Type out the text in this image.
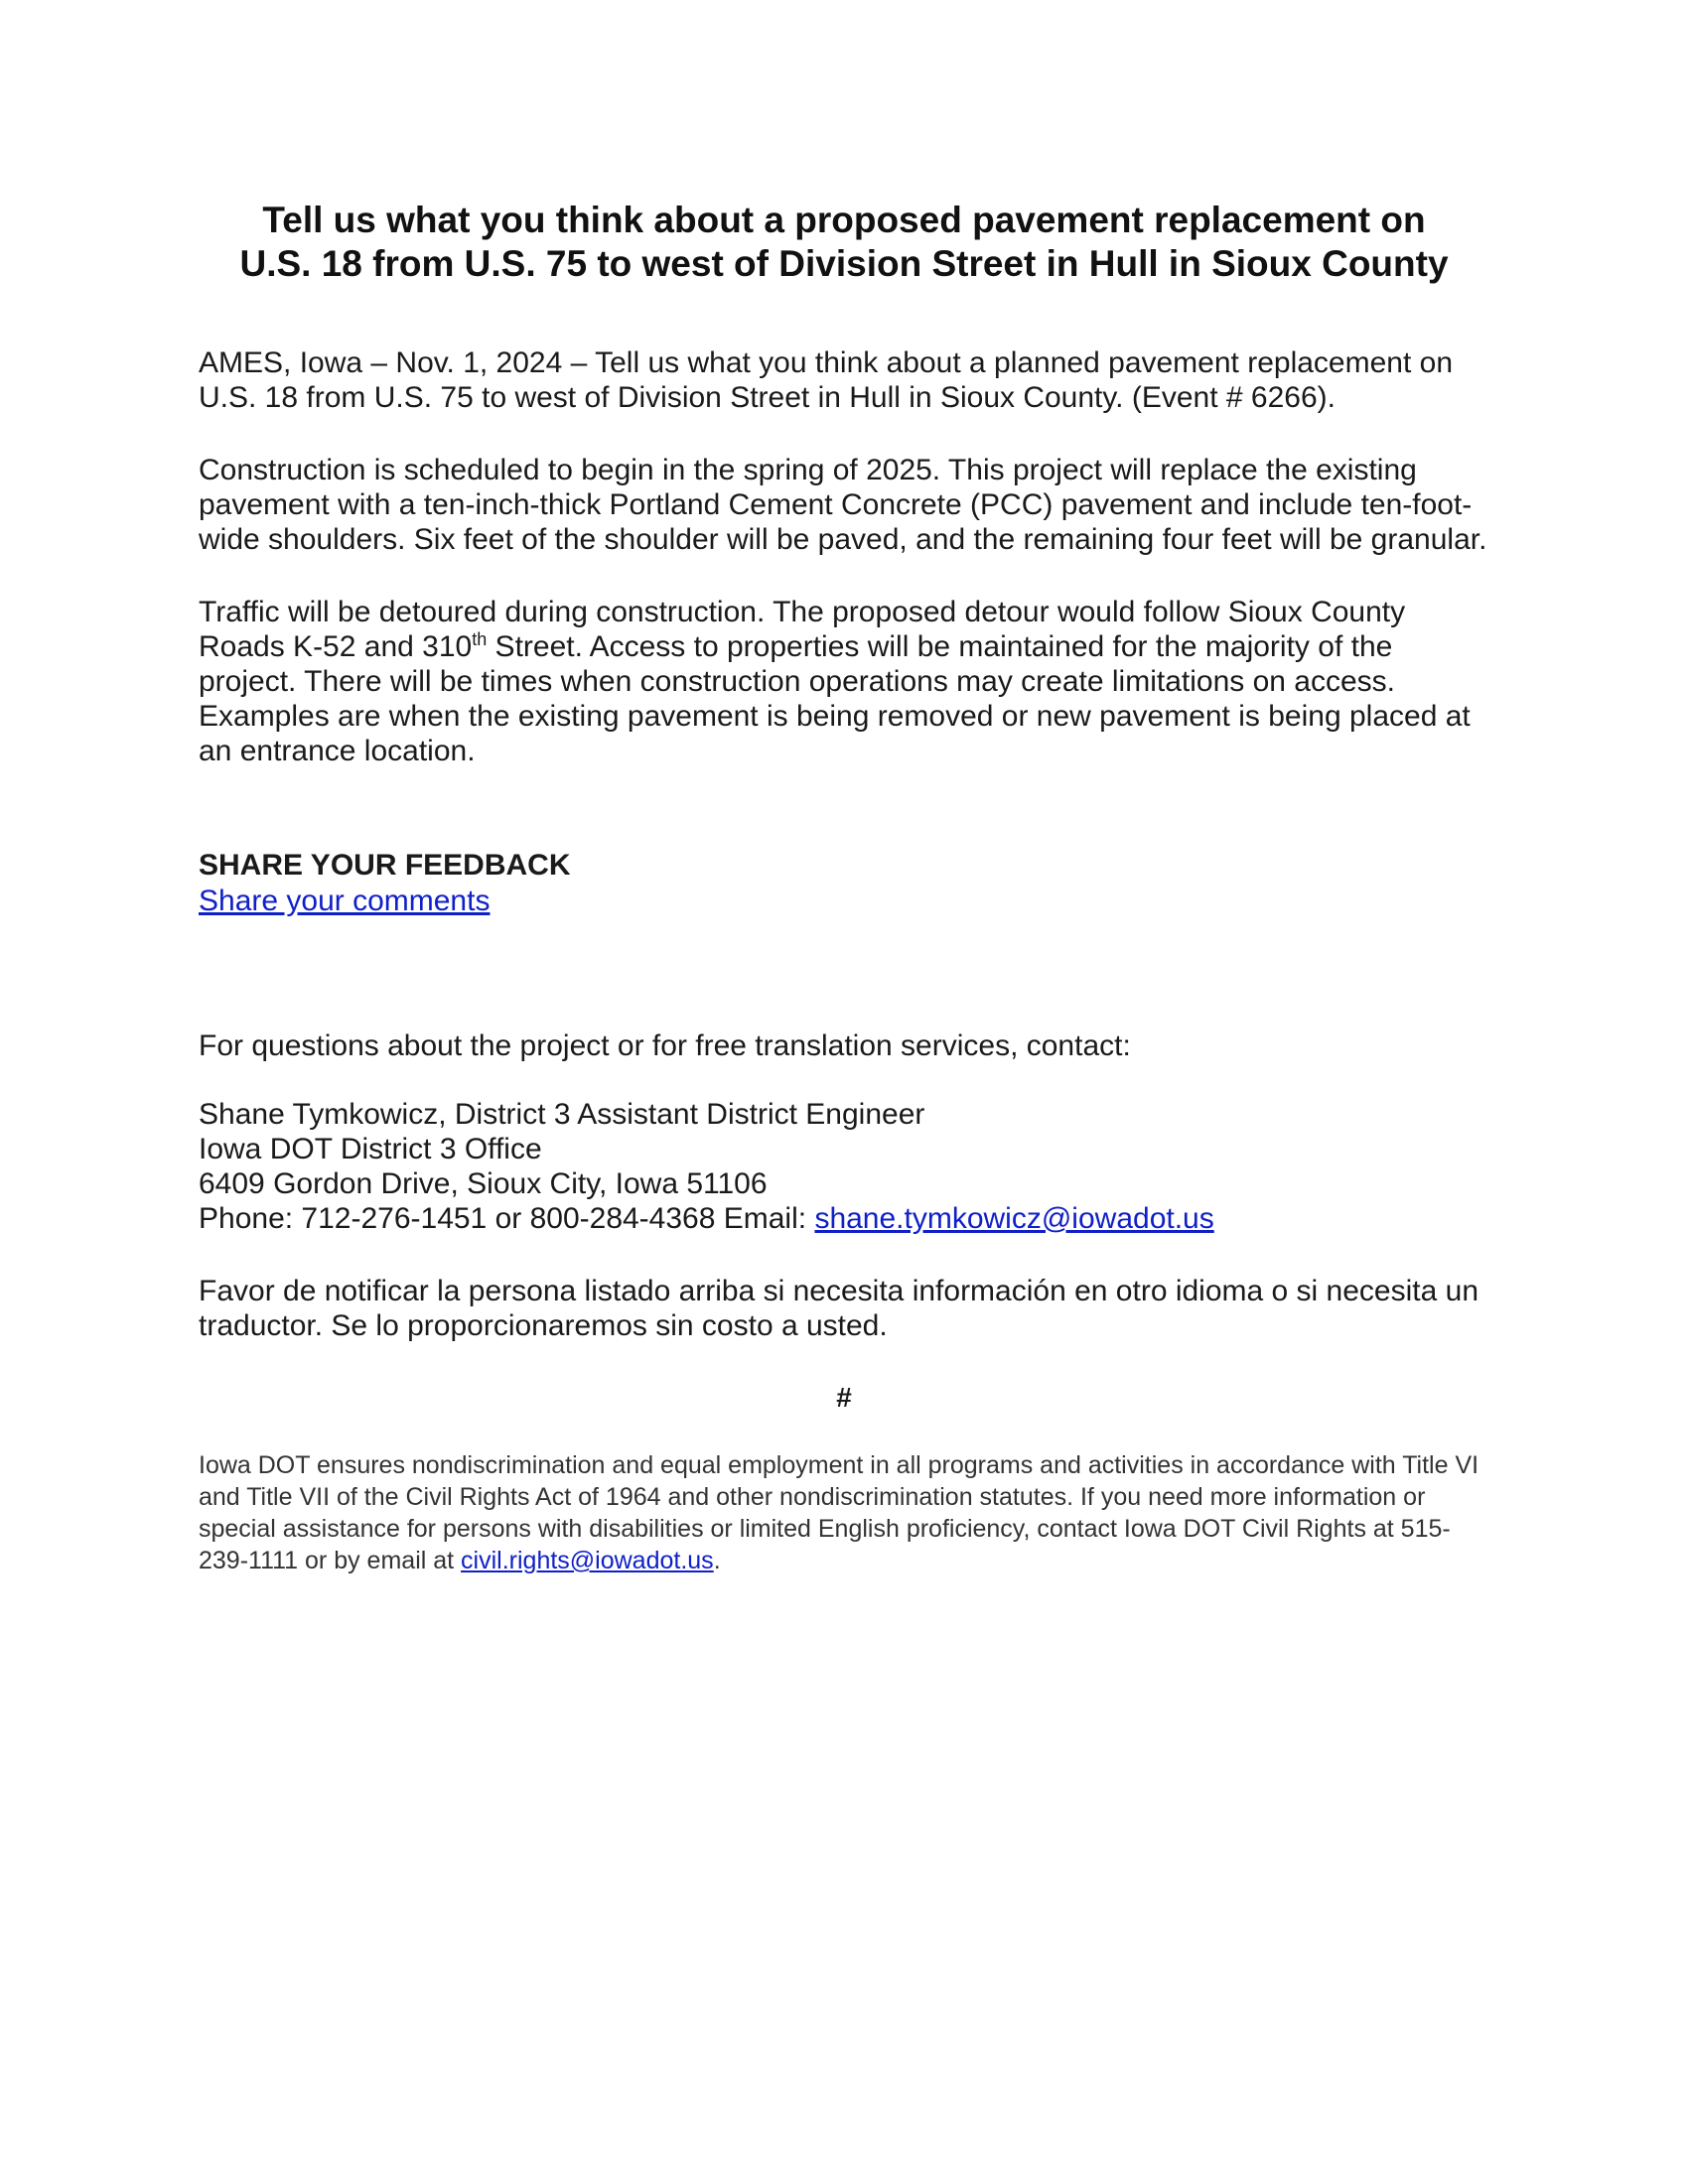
Tell us what you think about a proposed pavement replacement on
U.S. 18 from U.S. 75 to west of Division Street in Hull in Sioux County

AMES, Iowa – Nov. 1, 2024 – Tell us what you think about a planned pavement replacement on U.S. 18 from U.S. 75 to west of Division Street in Hull in Sioux County. (Event # 6266).

Construction is scheduled to begin in the spring of 2025. This project will replace the existing pavement with a ten-inch-thick Portland Cement Concrete (PCC) pavement and include ten-foot-wide shoulders. Six feet of the shoulder will be paved, and the remaining four feet will be granular.

Traffic will be detoured during construction. The proposed detour would follow Sioux County Roads K-52 and 310th Street. Access to properties will be maintained for the majority of the project. There will be times when construction operations may create limitations on access. Examples are when the existing pavement is being removed or new pavement is being placed at an entrance location.

SHARE YOUR FEEDBACK
Share your comments

For questions about the project or for free translation services, contact:

Shane Tymkowicz, District 3 Assistant District Engineer
Iowa DOT District 3 Office
6409 Gordon Drive, Sioux City, Iowa 51106
Phone: 712-276-1451 or 800-284-4368 Email: shane.tymkowicz@iowadot.us

Favor de notificar la persona listado arriba si necesita información en otro idioma o si necesita un traductor. Se lo proporcionaremos sin costo a usted.

#

Iowa DOT ensures nondiscrimination and equal employment in all programs and activities in accordance with Title VI and Title VII of the Civil Rights Act of 1964 and other nondiscrimination statutes. If you need more information or special assistance for persons with disabilities or limited English proficiency, contact Iowa DOT Civil Rights at 515-239-1111 or by email at civil.rights@iowadot.us.
